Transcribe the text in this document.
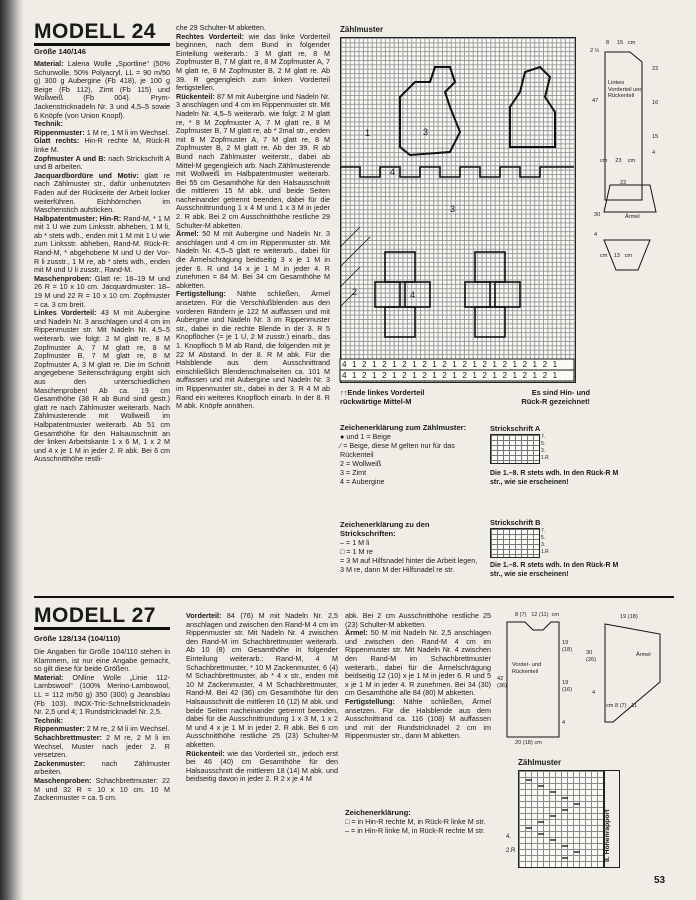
MODELL 24
Größe 140/146

Material: Lalena Wolle „Sportline“ (50% Schurwolle, 50% Polyacryl, LL = 90 m/50 g) 300 g Aubergine (Fb 418), je 100 g Beige (Fb 112), Zimt (Fb 115) und Wollweiß (Fb 004). Prym-Jackenstricknadeln Nr. 3 und 4,5–5 sowie 6 Knöpfe (von Union Knopf).

Technik:

Rippenmuster: 1 M re, 1 M li im Wechsel.

Glatt rechts: Hin-R rechte M, Rück-R linke M.

Zopfmuster A und B: nach Strickschrift A und B arbeiten.

Jacquardbordüre und Motiv: glatt re nach Zählmuster str., dafür unbenutzten Faden auf der Rückseite der Arbeit locker weiterführen. Eichhörnchen im Maschenstich aufsticken.

Halbpatentmuster: Hin-R: Rand-M, * 1 M mit 1 U wie zum Linksstr. abheben, 1 M li, ab * stets wdh., enden mit 1 M mit 1 U wie zum Linksstr. abheben, Rand-M. Rück-R: Rand-M, * abgehobene M und U der Vor-R li zusstr., 1 M re, ab * stets wdh., enden mit M und U li zusstr., Rand-M.

Maschenproben: Glatt re: 18–19 M und 26 R = 10 x 10 cm. Jacquardmuster: 18–19 M und 22 R = 10 x 10 cm. Zopfmuster = ca. 3 cm breit.

Linkes Vorderteil: 43 M mit Aubergine und Nadeln Nr. 3 anschlagen und 4 cm im Rippenmuster str. Mit Nadeln Nr. 4,5–5 weiterarb. wie folgt: 2 M glatt re, 8 M Zopfmuster A, 7 M glatt re, 8 M Zopfmuster B, 7 M glatt re, 8 M Zopfmuster A, 3 M glatt re. Die im Schnitt angegebene Seitenschrägung ergibt sich aus den unterschiedlichen Maschenproben! Ab ca. 19 cm Gesamthöhe (38 R ab Bund sind gestr.) glatt re nach Zählmuster weiterarb. Nach Zählmusterende mit Wollweiß im Halbpatentmuster weiterarb. Ab 51 cm Gesamthöhe für den Halsausschnitt an der linken Arbeitskante 1 x 6 M, 1 x 2 M und 4 x je 1 M in jeder 2. R abk. Bei 6 cm Ausschnitthöhe restli-

che 29 Schulter-M abketten.

Rechtes Vorderteil: wie das linke Vorderteil beginnen, nach dem Bund in folgender Einteilung weiterarb.: 3 M glatt re, 8 M Zopfmuster B, 7 M glatt re, 8 M Zopfmuster A, 7 M glatt re, 8 M Zopfmuster B, 2 M glatt re. Ab 39. R gegengleich zum linken Vorderteil fertigstellen.

Rückenteil: 87 M mit Aubergine und Nadeln Nr. 3 anschlagen und 4 cm im Rippenmuster str. Mit Nadeln Nr. 4,5–5 weiterarb. wie folgt: 2 M glatt re, * 8 M Zopfmuster A, 7 M glatt re, 8 M Zopfmuster B, 7 M glatt re, ab * 2mal str., enden mit 8 M Zopfmuster A, 7 M glatt re, 8 M Zopfmuster B, 2 M glatt re. Ab der 39. R ab Bund nach Zählmuster weiterstr., dabei ab Mittel-M gegengleich arb. Nach Zählmusterende mit Wollweiß im Halbpatentmuster weiterarb. Bei 55 cm Gesamthöhe für den Halsausschnitt die mittleren 15 M abk. und beide Seiten nacheinander getrennt beenden, dabei für die Ausschnittrundung 1 x 4 M und 1 x 3 M in jeder 2. R abk. Bei 2 cm Ausschnitthöhe restliche 29 Schulter-M abketten.

Ärmel: 50 M mit Aubergine und Nadeln Nr. 3 anschlagen und 4 cm im Rippenmuster str. Mit Nadeln Nr. 4,5–5 glatt re weiterarb., dabei für die Ärmelschrägung beidseitig 3 x je 1 M in jeder 6. R und 14 x je 1 M in jeder 4. R zunehmen = 84 M. Bei 34 cm Gesamthöhe M abketten.

Fertigstellung: Nähte schließen, Ärmel ansetzen. Für die Verschlußblenden aus den vorderen Rändern je 122 M auffassen und mit Aubergine und Nadeln Nr. 3 im Rippenmuster str., dabei in die rechte Blende in der 3. R 5 Knopflöcher (= je 1 U, 2 M zusstr.) einarb., das 1. Knopfloch 5 M ab Rand, die folgenden mit je 22 M Abstand. In der 8. R M abk. Für die Halsblende aus dem Ausschnittrand einschließlich Blendenschmalseiten ca. 101 M auffassen und mit Aubergine und Nadeln Nr. 3 im Rippenmuster str., dabei in der 3. R 4 M ab Rand ein weiteres Knopfloch einarb. In der 8. R M abk. Knöpfe annähen.

Zählmuster
1	3
4
3
4
2
4 1 2 1 2 1 2 1 2 1 2 1 2 1 2 1 2 1 2 1 2 1
4 1 2 1 2 1 2 1 2 1 2 1 2 1 2 1 2 1 2 1 2 1
↑↑Ende linkes Vorderteil
rückwärtige Mittel-M
Es sind Hin- und Rück-R gezeichnet!
Zeichenerklärung zum Zählmuster:
● und 1 = Beige
⁄ = Beige, diese M gelten nur für das Rückenteil
2 = Wollweiß
3 = Zimt
4 = Aubergine
Zeichenerklärung zu den Strickschriften:
– = 1 M li
□ = 1 M re
= 3 M auf Hilfsnadel hinter die Arbeit legen, 3 M re, dann M der Hilfsnadel re str.
Strickschrift A
7.
5.
3.
1.R
Die 1.–8. R stets wdh. In den Rück-R M str., wie sie erscheinen!
Strickschrift B
7.
5.
3.
1.R
Die 1.–8. R stets wdh. In den Rück-R M str., wie sie erscheinen!
8 15 cm
2 ½
22
47	16
15
4
Linkes Vorderteil und Rückenteil
cm 23 cm
22
30	Ärmel
4
cm 13 cm
MODELL 27
Größe 128/134 (104/110)

Die Angaben für Größe 104/110 stehen in Klammern, ist nur eine Angabe gemacht, so gilt diese für beide Größen.

Material: ONline Wolle „Linie 112-Lambswool“ (100% Merino-Lambswool, LL = 112 m/50 g) 350 (300) g Jeansblau (Fb 103). INOX-Tric-Schnellstricknadeln Nr. 2,5 und 4; 1 Rundstricknadel Nr. 2,5.

Technik:

Rippenmuster: 2 M re, 2 M li im Wechsel.

Schachbrettmuster: 2 M re, 2 M li im Wechsel, Muster nach jeder 2. R versetzen.

Zackenmuster: nach Zählmuster arbeiten.

Maschenproben: Schachbrettmuster: 22 M und 32 R = 10 x 10 cm. 10 M Zackenmuster = ca. 5 cm.

Vorderteil: 84 (76) M mit Nadeln Nr. 2,5 anschlagen und zwischen den Rand-M 4 cm im Rippenmuster str. Mit Nadeln Nr. 4 zwischen den Rand-M im Schachbrettmuster weiterarb. Ab 10 (8) cm Gesamthöhe in folgender Einteilung weiterarb.: Rand-M, 4 M Schachbrettmuster, * 10 M Zackenmuster, 6 (4) M Schachbrettmuster, ab * 4 x str., enden mit 10 M Zackenmuster, 4 M Schachbrettmuster, Rand-M. Bei 42 (36) cm Gesamthöhe für den Halsausschnitt die mittleren 16 (12) M abk. und beide Seiten nacheinander getrennt beenden, dabei für die Ausschnittrundung 1 x 3 M, 1 x 2 M und 4 x je 1 M in jeder 2. R abk. Bei 6 cm Ausschnitthöhe restliche 25 (23) Schulter-M abketten.

Rückenteil: wie das Vorderteil str., jedoch erst bei 46 (40) cm Gesamthöhe für den Halsausschnitt die mittleren 18 (14) M abk. und beidseitig davon in jeder 2. R 2 x je 4 M

abk. Bei 2 cm Ausschnitthöhe restliche 25 (23) Schulter-M abketten.

Ärmel: 50 M mit Nadeln Nr. 2,5 anschlagen und zwischen den Rand-M 4 cm im Rippenmuster str. Mit Nadeln Nr. 4 zwischen den Rand-M im Schachbrettmuster weiterarb., dabei für die Ärmelschrägung beidseitig 12 (10) x je 1 M in jeder 6. R und 5 x je 1 M in jeder 4. R zunehmen. Bei 34 (30) cm Gesamthöhe alle 84 (80) M abketten.

Fertigstellung: Nähte schließen, Ärmel ansetzen. Für die Halsblende aus dem Ausschnittrand ca. 116 (108) M auffassen und mit der Rundstricknadel 2 cm im Rippenmuster str., dann M abketten.

Zeichenerklärung:
□ = in Hin-R rechte M, in Rück-R linke M str.
– = in Hin-R linke M, in Rück-R rechte M str.
8 (7) 12 (11) cm
19
(18)
42
(36)	19
(16)
Vorder- und Rückenteil
4
20 (18) cm
19 (18)
30
(26)
Ärmel
4
cm 8 (7) 11
Zählmuster
8. Höhenrapport
4.
2.R
53
